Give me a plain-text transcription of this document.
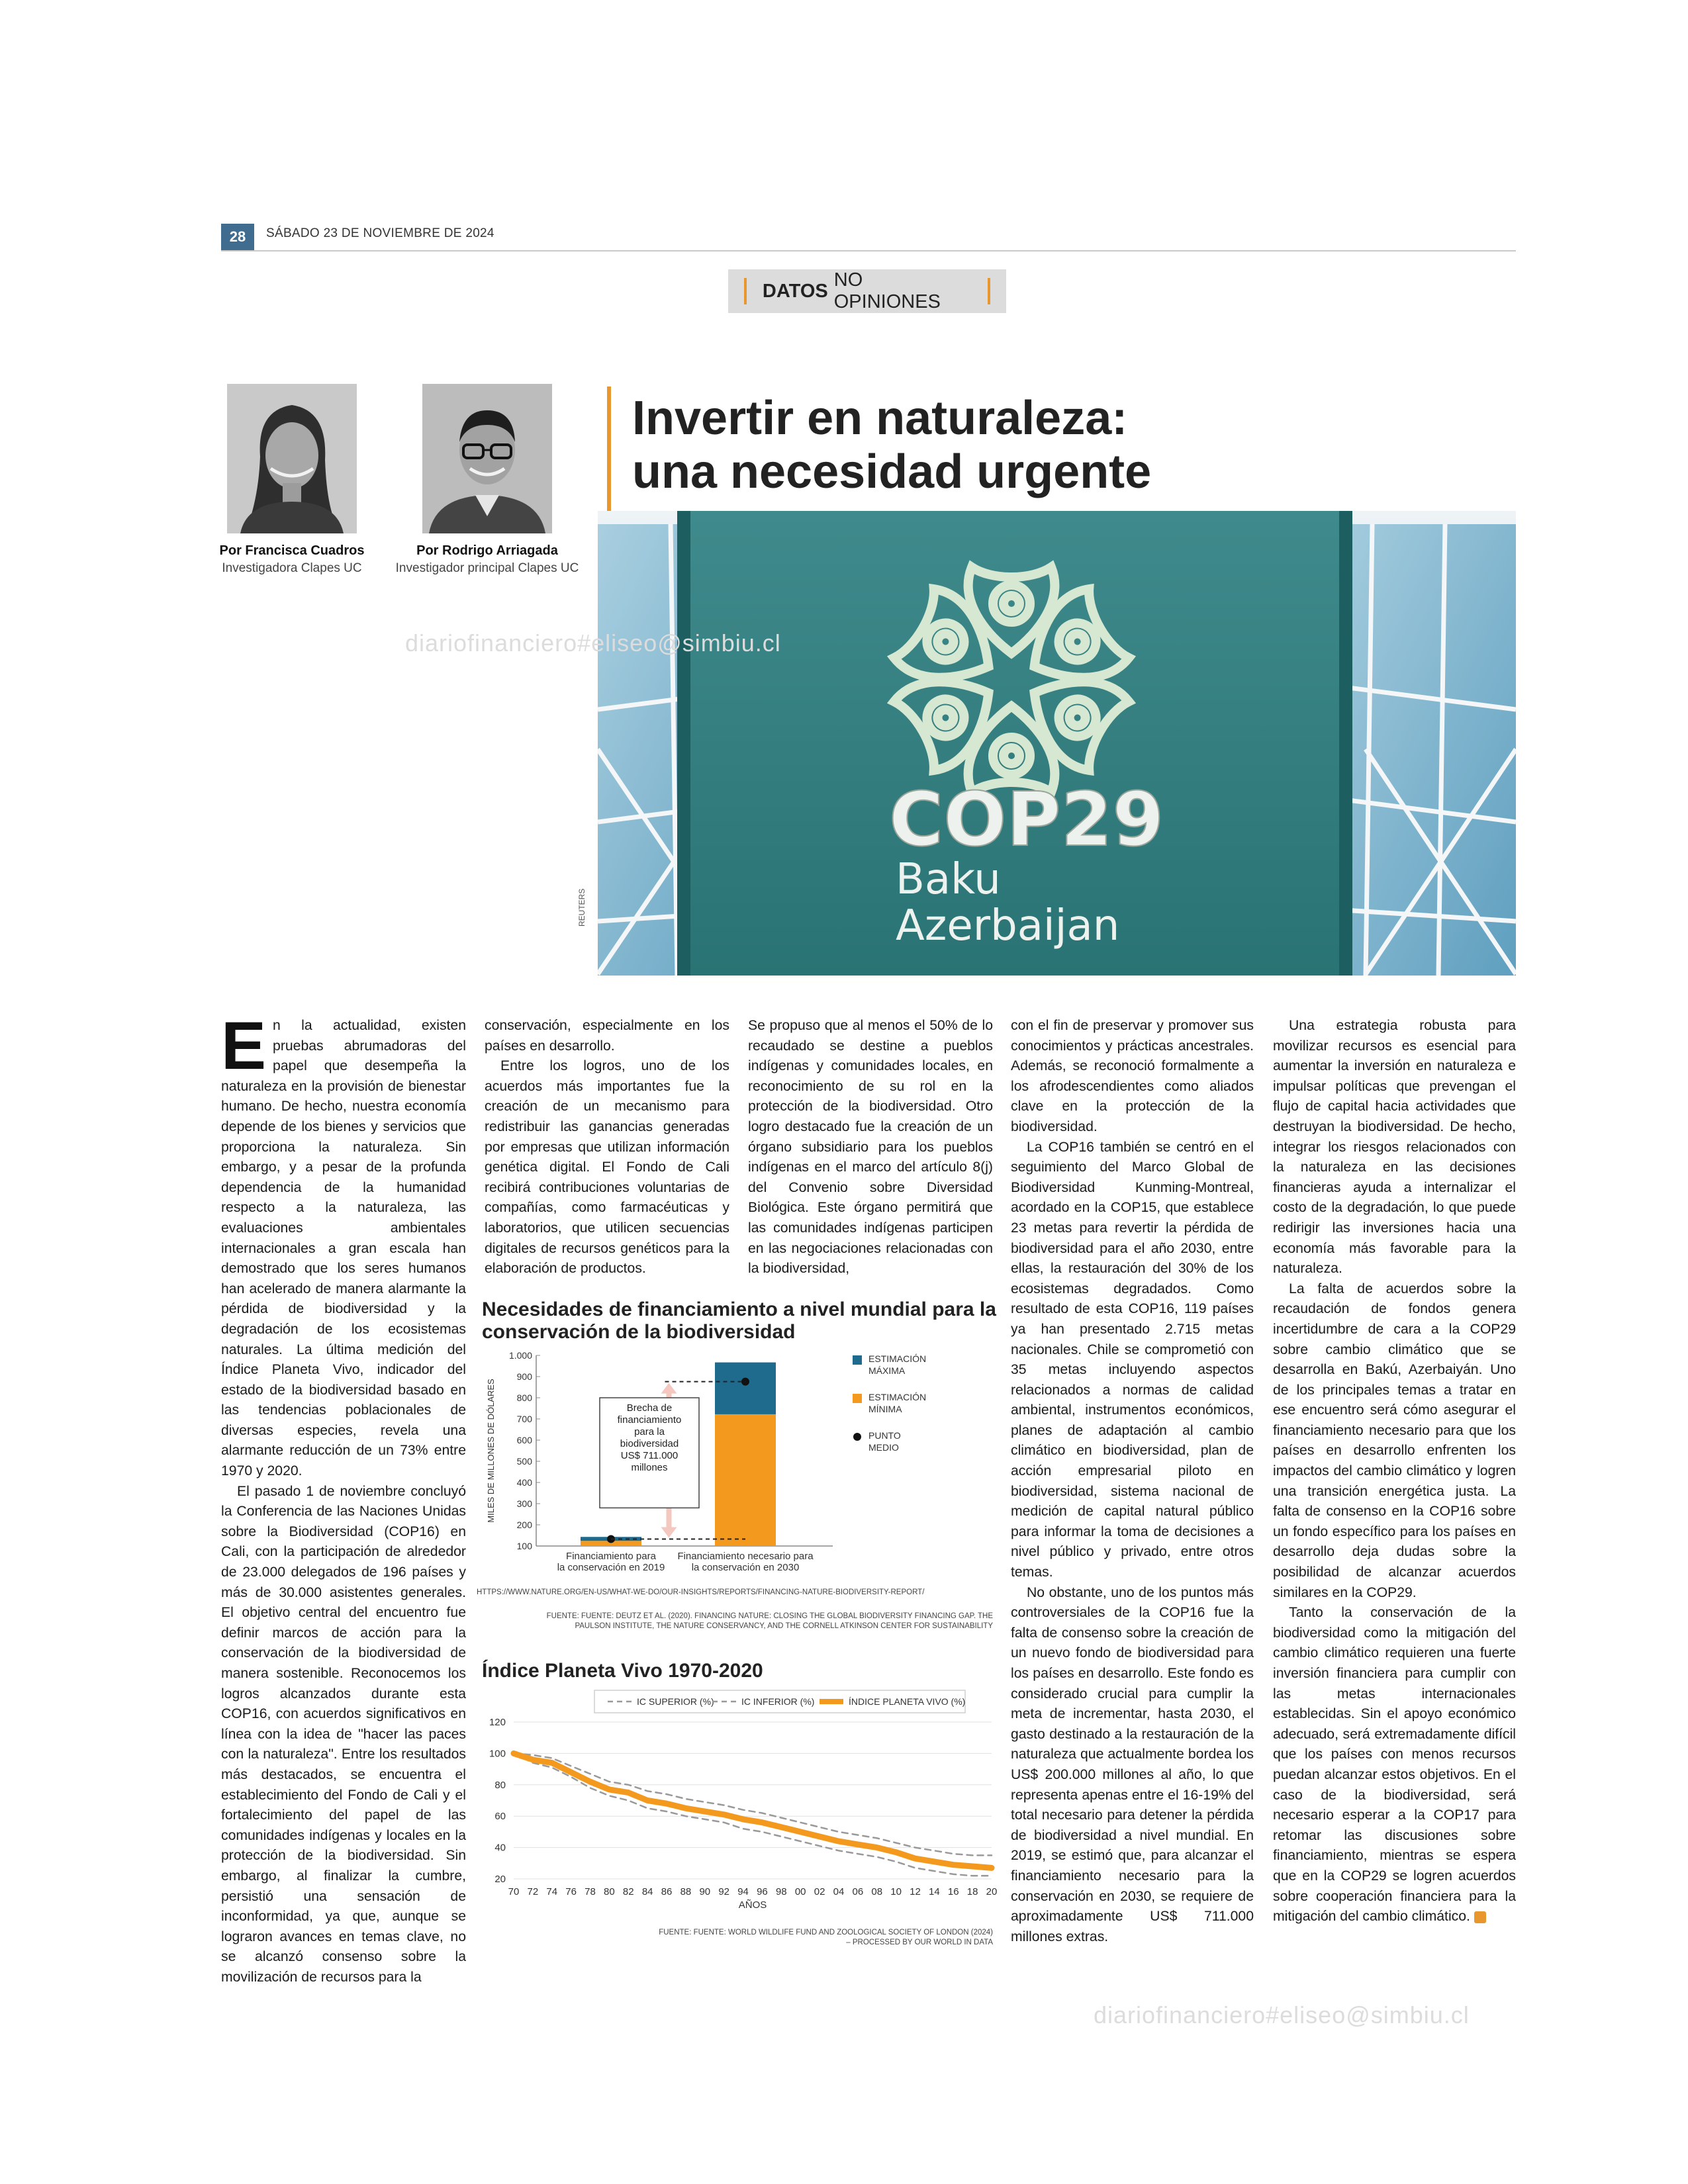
28	SÁBADO 23 DE NOVIEMBRE DE 2024
DATOS
NO OPINIONES
Por Francisca Cuadros
Investigadora Clapes UC
Por Rodrigo Arriagada
Investigador principal Clapes UC
Invertir en naturaleza:
una necesidad urgente
COP29
Baku
Azerbaijan
REUTERS
diariofinanciero#eliseo@simbiu.cl
diariofinanciero#eliseo@simbiu.cl
E n la actualidad, existen pruebas abrumadoras del papel que desempeña la naturaleza en la provisión de bienestar humano. De hecho, nuestra economía depende de los bienes y servicios que proporciona la naturaleza. Sin embargo, y a pesar de la profunda dependencia de la humanidad respecto a la naturaleza, las evaluaciones ambientales internacionales a gran escala han demostrado que los seres humanos han acelerado de manera alarmante la pérdida de biodiversidad y la degradación de los ecosistemas naturales. La última medición del Índice Planeta Vivo, indicador del estado de la biodiversidad basado en las tendencias poblacionales de diversas especies, revela una alarmante reducción de un 73% entre 1970 y 2020.

El pasado 1 de noviembre concluyó la Conferencia de las Naciones Unidas sobre la Biodiversidad (COP16) en Cali, con la participación de alrededor de 23.000 delegados de 196 países y más de 30.000 asistentes generales. El objetivo central del encuentro fue definir marcos de acción para la conservación de la biodiversidad de manera sostenible. Reconocemos los logros alcanzados durante esta COP16, con acuerdos significativos en línea con la idea de "hacer las paces con la naturaleza". Entre los resultados más destacados, se encuentra el establecimiento del Fondo de Cali y el fortalecimiento del papel de las comunidades indígenas y locales en la protección de la biodiversidad. Sin embargo, al finalizar la cumbre, persistió una sensación de inconformidad, ya que, aunque se lograron avances en temas clave, no se alcanzó consenso sobre la movilización de recursos para la

conservación, especialmente en los países en desarrollo.

Entre los logros, uno de los acuerdos más importantes fue la creación de un mecanismo para redistribuir las ganancias generadas por empresas que utilizan información genética digital. El Fondo de Cali recibirá contribuciones voluntarias de compañías, como farmacéuticas y laboratorios, que utilicen secuencias digitales de recursos genéticos para la elaboración de productos.

Se propuso que al menos el 50% de lo recaudado se destine a pueblos indígenas y comunidades locales, en reconocimiento de su rol en la protección de la biodiversidad. Otro logro destacado fue la creación de un órgano subsidiario para los pueblos indígenas en el marco del artículo 8(j) del Convenio sobre Diversidad Biológica. Este órgano permitirá que las comunidades indígenas participen en las negociaciones relacionadas con la biodiversidad,

con el fin de preservar y promover sus conocimientos y prácticas ancestrales. Además, se reconoció formalmente a los afrodescendientes como aliados clave en la protección de la biodiversidad.

La COP16 también se centró en el seguimiento del Marco Global de Biodiversidad Kunming-Montreal, acordado en la COP15, que establece 23 metas para revertir la pérdida de biodiversidad para el año 2030, entre ellas, la restauración del 30% de los ecosistemas degradados. Como resultado de esta COP16, 119 países ya han presentado 2.715 metas nacionales. Chile se comprometió con 35 metas incluyendo aspectos relacionados a normas de calidad ambiental, instrumentos económicos, planes de adaptación al cambio climático en biodiversidad, plan de acción empresarial piloto en biodiversidad, sistema nacional de medición de capital natural público para informar la toma de decisiones a nivel público y privado, entre otros temas.

No obstante, uno de los puntos más controversiales de la COP16 fue la falta de consenso sobre la creación de un nuevo fondo de biodiversidad para los países en desarrollo. Este fondo es considerado crucial para cumplir la meta de incrementar, hasta 2030, el gasto destinado a la restauración de la naturaleza que actualmente bordea los US$ 200.000 millones al año, lo que representa apenas entre el 16-19% del total necesario para detener la pérdida de biodiversidad a nivel mundial. En 2019, se estimó que, para alcanzar el financiamiento necesario para la conservación en 2030, se requiere de aproximadamente US$ 711.000 millones extras.

Una estrategia robusta para movilizar recursos es esencial para aumentar la inversión en naturaleza e impulsar políticas que prevengan el flujo de capital hacia actividades que destruyan la biodiversidad. De hecho, integrar los riesgos relacionados con la naturaleza en las decisiones financieras ayuda a internalizar el costo de la degradación, lo que puede redirigir las inversiones hacia una economía más favorable para la naturaleza.

La falta de acuerdos sobre la recaudación de fondos genera incertidumbre de cara a la COP29 sobre cambio climático que se desarrolla en Bakú, Azerbaiyán. Uno de los principales temas a tratar en ese encuentro será cómo asegurar el financiamiento necesario para que los países en desarrollo enfrenten los impactos del cambio climático y logren una transición energética justa. La falta de consenso en la COP16 sobre un fondo específico para los países en desarrollo deja dudas sobre la posibilidad de alcanzar acuerdos similares en la COP29.

Tanto la conservación de la biodiversidad como la mitigación del cambio climático requieren una fuerte inversión financiera para cumplir con las metas internacionales establecidas. Sin el apoyo económico adecuado, será extremadamente difícil que los países con menos recursos puedan alcanzar estos objetivos. En el caso de la biodiversidad, será necesario esperar a la COP17 para retomar las discusiones sobre financiamiento, mientras se espera que en la COP29 se logren acuerdos sobre cooperación financiera para la mitigación del cambio climático.

Necesidades de financiamiento a nivel mundial para la conservación de la biodiversidad
100
200
300
400
500
600
700
800
900
1.000
MILES DE MILLONES DE DÓLARES
Financiamiento para
la conservación en 2019
Financiamiento necesario para
la conservación en 2030
Brecha de
financiamiento
para la
biodiversidad
US$ 711.000
millones
ESTIMACIÓN
MÁXIMA
ESTIMACIÓN
MÍNIMA
PUNTO
MEDIO
HTTPS://WWW.NATURE.ORG/EN-US/WHAT-WE-DO/OUR-INSIGHTS/REPORTS/FINANCING-NATURE-BIODIVERSITY-REPORT/
FUENTE: FUENTE: DEUTZ ET AL. (2020). FINANCING NATURE: CLOSING THE GLOBAL BIODIVERSITY FINANCING GAP. THE
PAULSON INSTITUTE, THE NATURE CONSERVANCY, AND THE CORNELL ATKINSON CENTER FOR SUSTAINABILITY
Índice Planeta Vivo 1970-2020
20
40
60
80
100
120
70 72 74 76 78 80 82 84 86 88 90 92 94 96 98 00 02 04 06 08 10 12 14 16 18 20
AÑOS
IC SUPERIOR (%)	IC INFERIOR (%)	ÍNDICE PLANETA VIVO (%)
FUENTE: FUENTE: WORLD WILDLIFE FUND AND ZOOLOGICAL SOCIETY OF LONDON (2024)
– PROCESSED BY OUR WORLD IN DATA
